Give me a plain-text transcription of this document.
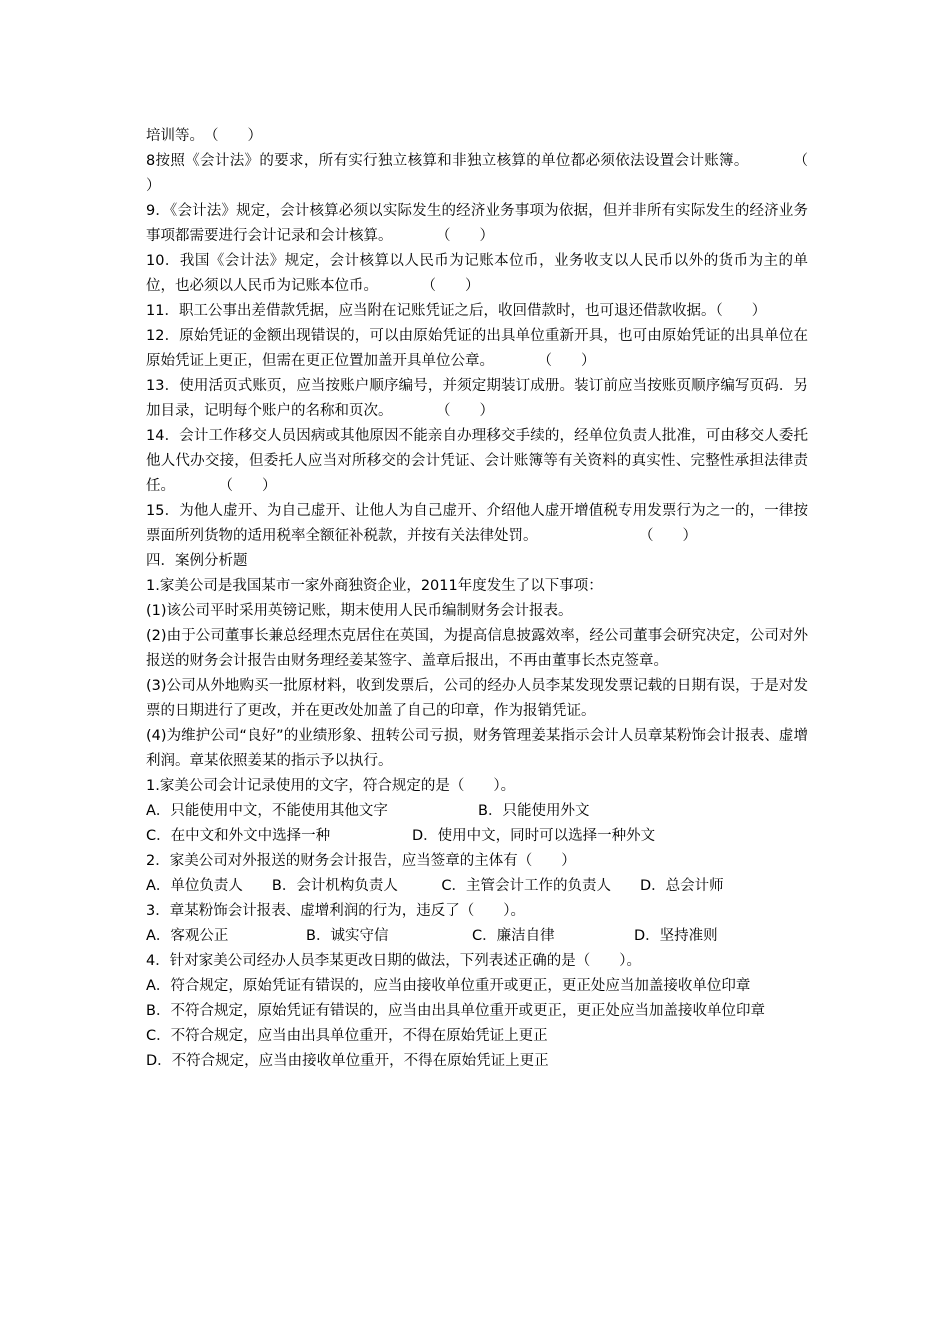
培训等。　（　　）

8按照《会计法》的要求，所有实行独立核算和非独立核算的单位都必须依法设置会计账簿。　　　　（　　）

9．《会计法》规定，会计核算必须以实际发生的经济业务事项为依据，但并非所有实际发生的经济业务事项都需要进行会计记录和会计核算。　　　　（　　）

10．我国《会计法》规定，会计核算以人民币为记账本位币，业务收支以人民币以外的货币为主的单位，也必须以人民币为记账本位币。　　　　（　　）

11．职工公事出差借款凭据，应当附在记账凭证之后，收回借款时，也可退还借款收据。（　　）

12．原始凭证的金额出现错误的，可以由原始凭证的出具单位重新开具，也可由原始凭证的出具单位在原始凭证上更正，但需在更正位置加盖开具单位公章。　　　　（　　）

13．使用活页式账页，应当按账户顺序编号，并须定期装订成册。装订前应当按账页顺序编写页码．另加目录，记明每个账户的名称和页次。　　　　（　　）

14．会计工作移交人员因病或其他原因不能亲自办理移交手续的，经单位负责人批准，可由移交人委托他人代办交接，但委托人应当对所移交的会计凭证、会计账簿等有关资料的真实性、完整性承担法律责任。　　　　（　　）

15．为他人虚开、为自己虚开、让他人为自己虚开、介绍他人虚开增值税专用发票行为之一的，一律按票面所列货物的适用税率全额征补税款，并按有关法律处罚。　　　　　　　　（　　）

四．案例分析题

1.家美公司是我国某市一家外商独资企业，2011年度发生了以下事项：

(1)该公司平时采用英镑记账，期末使用人民币编制财务会计报表。

(2)由于公司董事长兼总经理杰克居住在英国，为提高信息披露效率，经公司董事会研究决定，公司对外报送的财务会计报告由财务理经姜某签字、盖章后报出，不再由董事长杰克签章。

(3)公司从外地购买一批原材料，收到发票后，公司的经办人员李某发现发票记载的日期有误，于是对发票的日期进行了更改，并在更改处加盖了自己的印章，作为报销凭证。

(4)为维护公司“良好”的业绩形象、扭转公司亏损，财务管理姜某指示会计人员章某粉饰会计报表、虚增利润。章某依照姜某的指示予以执行。

1.家美公司会计记录使用的文字，符合规定的是（　　）。

A．只能使用中文，不能使用其他文字	B．只能使用外文
C．在中文和外文中选择一种	D．使用中文，同时可以选择一种外文

2．家美公司对外报送的财务会计报告，应当签章的主体有（　　）

A．单位负责人　　B．会计机构负责人　　　C．主管会计工作的负责人　　D．总会计师

3．章某粉饰会计报表、虚增利润的行为，违反了（　　）。

A．客观公正	B．诚实守信	C．廉洁自律	D．坚持准则

4．针对家美公司经办人员李某更改日期的做法，下列表述正确的是（　　）。

A．符合规定，原始凭证有错误的，应当由接收单位重开或更正，更正处应当加盖接收单位印章

B．不符合规定，原始凭证有错误的，应当由出具单位重开或更正，更正处应当加盖接收单位印章

C．不符合规定，应当由出具单位重开，不得在原始凭证上更正

D．不符合规定，应当由接收单位重开，不得在原始凭证上更正
